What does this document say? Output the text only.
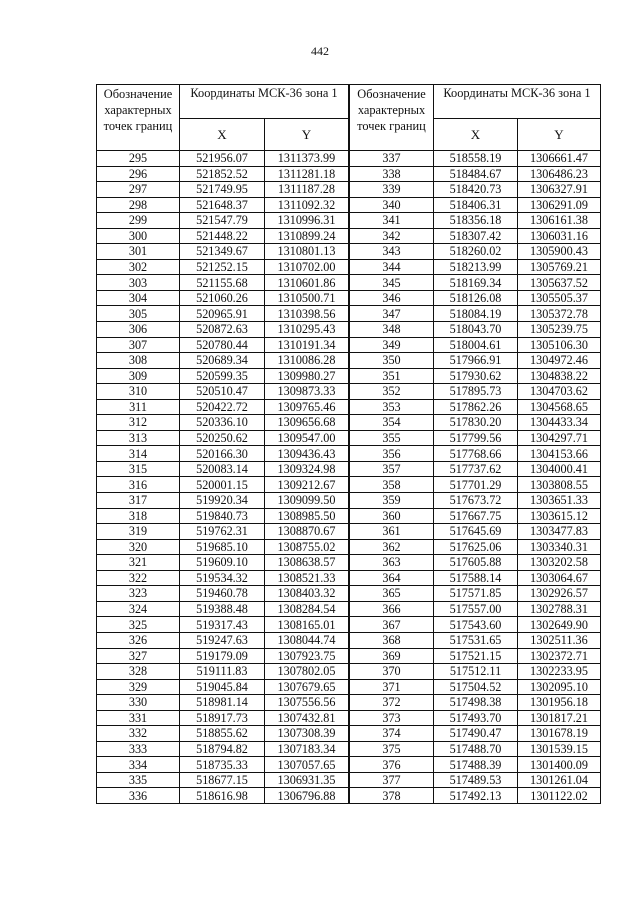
442
Обозначение характерных точек границ	Координаты МСК-36 зона 1	
	X	Y
295	521956.07	1311373.99
296	521852.52	1311281.18
297	521749.95	1311187.28
298	521648.37	1311092.32
299	521547.79	1310996.31
300	521448.22	1310899.24
301	521349.67	1310801.13
302	521252.15	1310702.00
303	521155.68	1310601.86
304	521060.26	1310500.71
305	520965.91	1310398.56
306	520872.63	1310295.43
307	520780.44	1310191.34
308	520689.34	1310086.28
309	520599.35	1309980.27
310	520510.47	1309873.33
311	520422.72	1309765.46
312	520336.10	1309656.68
313	520250.62	1309547.00
314	520166.30	1309436.43
315	520083.14	1309324.98
316	520001.15	1309212.67
317	519920.34	1309099.50
318	519840.73	1308985.50
319	519762.31	1308870.67
320	519685.10	1308755.02
321	519609.10	1308638.57
322	519534.32	1308521.33
323	519460.78	1308403.32
324	519388.48	1308284.54
325	519317.43	1308165.01
326	519247.63	1308044.74
327	519179.09	1307923.75
328	519111.83	1307802.05
329	519045.84	1307679.65
330	518981.14	1307556.56
331	518917.73	1307432.81
332	518855.62	1307308.39
333	518794.82	1307183.34
334	518735.33	1307057.65
335	518677.15	1306931.35
336	518616.98	1306796.88
Обозначение характерных точек границ	Координаты МСК-36 зона 1	
	X	Y
337	518558.19	1306661.47
338	518484.67	1306486.23
339	518420.73	1306327.91
340	518406.31	1306291.09
341	518356.18	1306161.38
342	518307.42	1306031.16
343	518260.02	1305900.43
344	518213.99	1305769.21
345	518169.34	1305637.52
346	518126.08	1305505.37
347	518084.19	1305372.78
348	518043.70	1305239.75
349	518004.61	1305106.30
350	517966.91	1304972.46
351	517930.62	1304838.22
352	517895.73	1304703.62
353	517862.26	1304568.65
354	517830.20	1304433.34
355	517799.56	1304297.71
356	517768.66	1304153.66
357	517737.62	1304000.41
358	517701.29	1303808.55
359	517673.72	1303651.33
360	517667.75	1303615.12
361	517645.69	1303477.83
362	517625.06	1303340.31
363	517605.88	1303202.58
364	517588.14	1303064.67
365	517571.85	1302926.57
366	517557.00	1302788.31
367	517543.60	1302649.90
368	517531.65	1302511.36
369	517521.15	1302372.71
370	517512.11	1302233.95
371	517504.52	1302095.10
372	517498.38	1301956.18
373	517493.70	1301817.21
374	517490.47	1301678.19
375	517488.70	1301539.15
376	517488.39	1301400.09
377	517489.53	1301261.04
378	517492.13	1301122.02
